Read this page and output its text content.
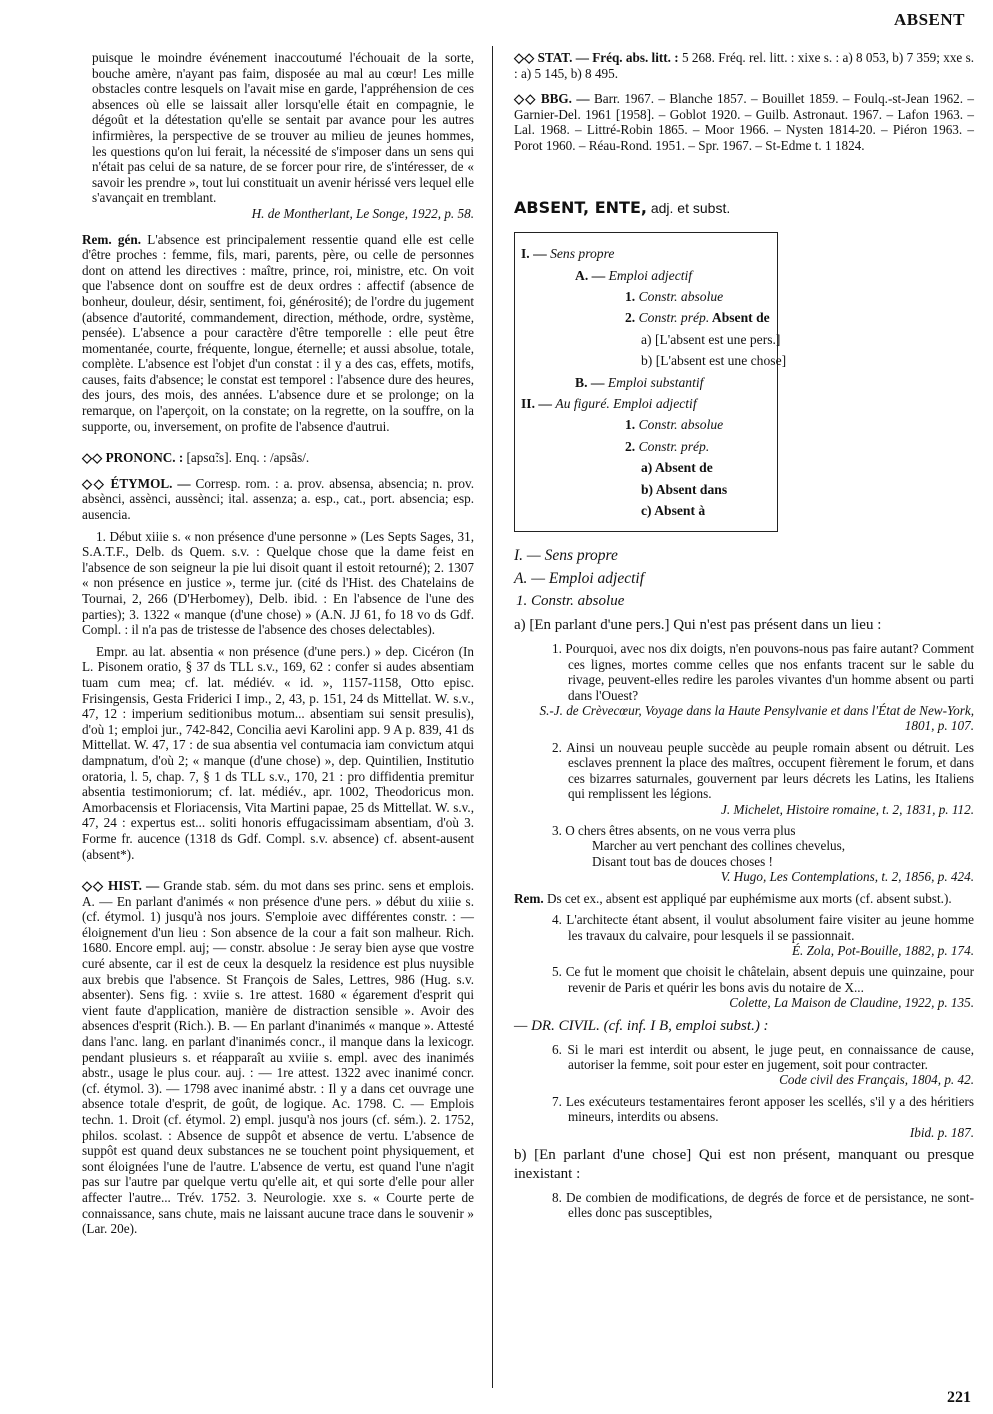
ABSENT

puisque le moindre événement inaccoutumé l'échouait de la sorte, bouche amère, n'ayant pas faim, disposée au mal au cœur! Les mille obstacles contre lesquels on l'avait mise en garde, l'appréhension de ces absences où elle se laissait aller lorsqu'elle était en compagnie, le dégoût et la détestation qu'elle se sentait par avance pour les autres infirmières, la perspective de se trouver au milieu de jeunes hommes, les questions qu'on lui ferait, la nécessité de s'imposer dans un sens qui n'était pas celui de sa nature, de se forcer pour rire, de s'intéresser, de « savoir les prendre », tout lui constituait un avenir hérissé vers lequel elle s'avançait en tremblant.

H. de Montherlant, Le Songe, 1922, p. 58.

Rem. gén. L'absence est principalement ressentie quand elle est celle d'être proches : femme, fils, mari, parents, père, ou celle de personnes dont on attend les directives : maître, prince, roi, ministre, etc. On voit que l'absence dont on souffre est de deux ordres : affectif (absence de bonheur, douleur, désir, sentiment, foi, générosité); de l'ordre du jugement (absence d'autorité, commandement, direction, méthode, ordre, système, pensée). L'absence a pour caractère d'être temporelle : elle peut être momentanée, courte, fréquente, longue, éternelle; et aussi absolue, totale, complète. L'absence est l'objet d'un constat : il y a des cas, effets, motifs, causes, faits d'absence; le constat est temporel : l'absence dure des heures, des jours, des mois, des années. L'absence dure et se prolonge; on la remarque, on l'aperçoit, on la constate; on la regrette, on la souffre, on la supporte, ou, inversement, on profite de l'absence d'autrui.

◇◇ PRONONC. : [apsɑ̃:s]. Enq. : /apsãs/.

◇◇ ÉTYMOL. — Corresp. rom. : a. prov. absensa, absencia; n. prov. absènci, assènci, aussènci; ital. assenza; a. esp., cat., port. absencia; esp. ausencia.

1. Début xiiie s. « non présence d'une personne » (Les Septs Sages, 31, S.A.T.F., Delb. ds Quem. s.v. : Quelque chose que la dame feist en l'absence de son seigneur la pie lui disoit quant il estoit retourné); 2. 1307 « non présence en justice », terme jur. (cité ds l'Hist. des Chatelains de Tournai, 2, 266 (D'Herbomey), Delb. ibid. : En l'absence de l'une des parties); 3. 1322 « manque (d'une chose) » (A.N. JJ 61, fo 18 vo ds Gdf. Compl. : il n'a pas de tristesse de l'absence des choses delectables).

Empr. au lat. absentia « non présence (d'une pers.) » dep. Cicéron (In L. Pisonem oratio, § 37 ds TLL s.v., 169, 62 : confer si audes absentiam tuam cum mea; cf. lat. médiév. « id. », 1157-1158, Otto episc. Frisingensis, Gesta Friderici I imp., 2, 43, p. 151, 24 ds Mittellat. W. s.v., 47, 12 : imperium seditionibus motum... absentiam sui sensit presulis), d'où 1; emploi jur., 742-842, Concilia aevi Karolini app. 9 A p. 839, 41 ds Mittellat. W. 47, 17 : de sua absentia vel contumacia iam convictum atqui dampnatum, d'où 2; « manque (d'une chose) », dep. Quintilien, Institutio oratoria, l. 5, chap. 7, § 1 ds TLL s.v., 170, 21 : pro diffidentia premitur absentia testimoniorum; cf. lat. médiév., apr. 1002, Theodoricus mon. Amorbacensis et Floriacensis, Vita Martini papae, 25 ds Mittellat. W. s.v., 47, 24 : expertus est... soliti honoris effugacissimam absentiam, d'où 3. Forme fr. aucence (1318 ds Gdf. Compl. s.v. absence) cf. absent-ausent (absent*).

◇◇ HIST. — Grande stab. sém. du mot dans ses princ. sens et emplois. A. — En parlant d'animés « non présence d'une pers. » début du xiiie s. (cf. étymol. 1) jusqu'à nos jours. S'emploie avec différentes constr. : — éloignement d'un lieu : Son absence de la cour a fait son malheur. Rich. 1680. Encore empl. auj; — constr. absolue : Je seray bien ayse que vostre curé absente, car il est de ceux la desquelz la residence est plus nuysible aux brebis que l'absence. St François de Sales, Lettres, 986 (Hug. s.v. absenter). Sens fig. : xviie s. 1re attest. 1680 « égarement d'esprit qui vient faute d'application, manière de distraction sensible ». Avoir des absences d'esprit (Rich.). B. — En parlant d'inanimés « manque ». Attesté dans l'anc. lang. en parlant d'inanimés concr., il manque dans la lexicogr. pendant plusieurs s. et réapparaît au xviiie s. empl. avec des inanimés abstr., usage le plus cour. auj. : — 1re attest. 1322 avec inanimé concr. (cf. étymol. 3). — 1798 avec inanimé abstr. : Il y a dans cet ouvrage une absence totale d'esprit, de goût, de logique. Ac. 1798. C. — Emplois techn. 1. Droit (cf. étymol. 2) empl. jusqu'à nos jours (cf. sém.). 2. 1752, philos. scolast. : Absence de suppôt et absence de vertu. L'absence de suppôt est quand deux substances ne se touchent point physiquement, et sont éloignées l'une de l'autre. L'absence de vertu, est quand l'une n'agit pas sur l'autre par quelque vertu qu'elle ait, et qui sorte d'elle pour aller affecter l'autre... Trév. 1752. 3. Neurologie. xxe s. « Courte perte de connaissance, sans chute, mais ne laissant aucune trace dans le souvenir » (Lar. 20e).

◇◇ STAT. — Fréq. abs. litt. : 5 268. Fréq. rel. litt. : xixe s. : a) 8 053, b) 7 359; xxe s. : a) 5 145, b) 8 495.

◇◇ BBG. — Barr. 1967. – Blanche 1857. – Bouillet 1859. – Foulq.-st-Jean 1962. – Garnier-Del. 1961 [1958]. – Goblot 1920. – Guilb. Astronaut. 1967. – Lafon 1963. – Lal. 1968. – Littré-Robin 1865. – Moor 1966. – Nysten 1814-20. – Piéron 1963. – Porot 1960. – Réau-Rond. 1951. – Spr. 1967. – St-Edme t. 1 1824.

ABSENT, ENTE, adj. et subst.
I. — Sens propre
A. — Emploi adjectif
1. Constr. absolue
2. Constr. prép. Absent de
a) [L'absent est une pers.]
b) [L'absent est une chose]
B. — Emploi substantif
II. — Au figuré. Emploi adjectif
1. Constr. absolue
2. Constr. prép.
a) Absent de
b) Absent dans
c) Absent à
I. — Sens propre
A. — Emploi adjectif
1. Constr. absolue

a) [En parlant d'une pers.] Qui n'est pas présent dans un lieu :

1. Pourquoi, avec nos dix doigts, n'en pouvons-nous pas faire autant? Comment ces lignes, mortes comme celles que nos enfants tracent sur le sable du rivage, peuvent-elles redire les paroles vivantes d'un homme absent ou parti dans l'Ouest?

S.-J. de Crèvecœur, Voyage dans la Haute Pensylvanie et dans l'État de New-York, 1801, p. 107.

2. Ainsi un nouveau peuple succède au peuple romain absent ou détruit. Les esclaves prennent la place des maîtres, occupent fièrement le forum, et dans ces bizarres saturnales, gouvernent par leurs décrets les Latins, les Italiens qui remplissent les légions.

J. Michelet, Histoire romaine, t. 2, 1831, p. 112.

3. O chers êtres absents, on ne vous verra plus
Marcher au vert penchant des collines chevelus,
Disant tout bas de douces choses !

V. Hugo, Les Contemplations, t. 2, 1856, p. 424.

Rem. Ds cet ex., absent est appliqué par euphémisme aux morts (cf. absent subst.).

4. L'architecte étant absent, il voulut absolument faire visiter au jeune homme les travaux du calvaire, pour lesquels il se passionnait.

É. Zola, Pot-Bouille, 1882, p. 174.

5. Ce fut le moment que choisit le châtelain, absent depuis une quinzaine, pour revenir de Paris et quérir les bons avis du notaire de X...

Colette, La Maison de Claudine, 1922, p. 135.

— DR. CIVIL. (cf. inf. I B, emploi subst.) :

6. Si le mari est interdit ou absent, le juge peut, en connaissance de cause, autoriser la femme, soit pour ester en jugement, soit pour contracter.

Code civil des Français, 1804, p. 42.

7. Les exécuteurs testamentaires feront apposer les scellés, s'il y a des héritiers mineurs, interdits ou absens.

Ibid. p. 187.

b) [En parlant d'une chose] Qui est non présent, manquant ou presque inexistant :

8. De combien de modifications, de degrés de force et de persistance, ne sont-elles donc pas susceptibles,

221
